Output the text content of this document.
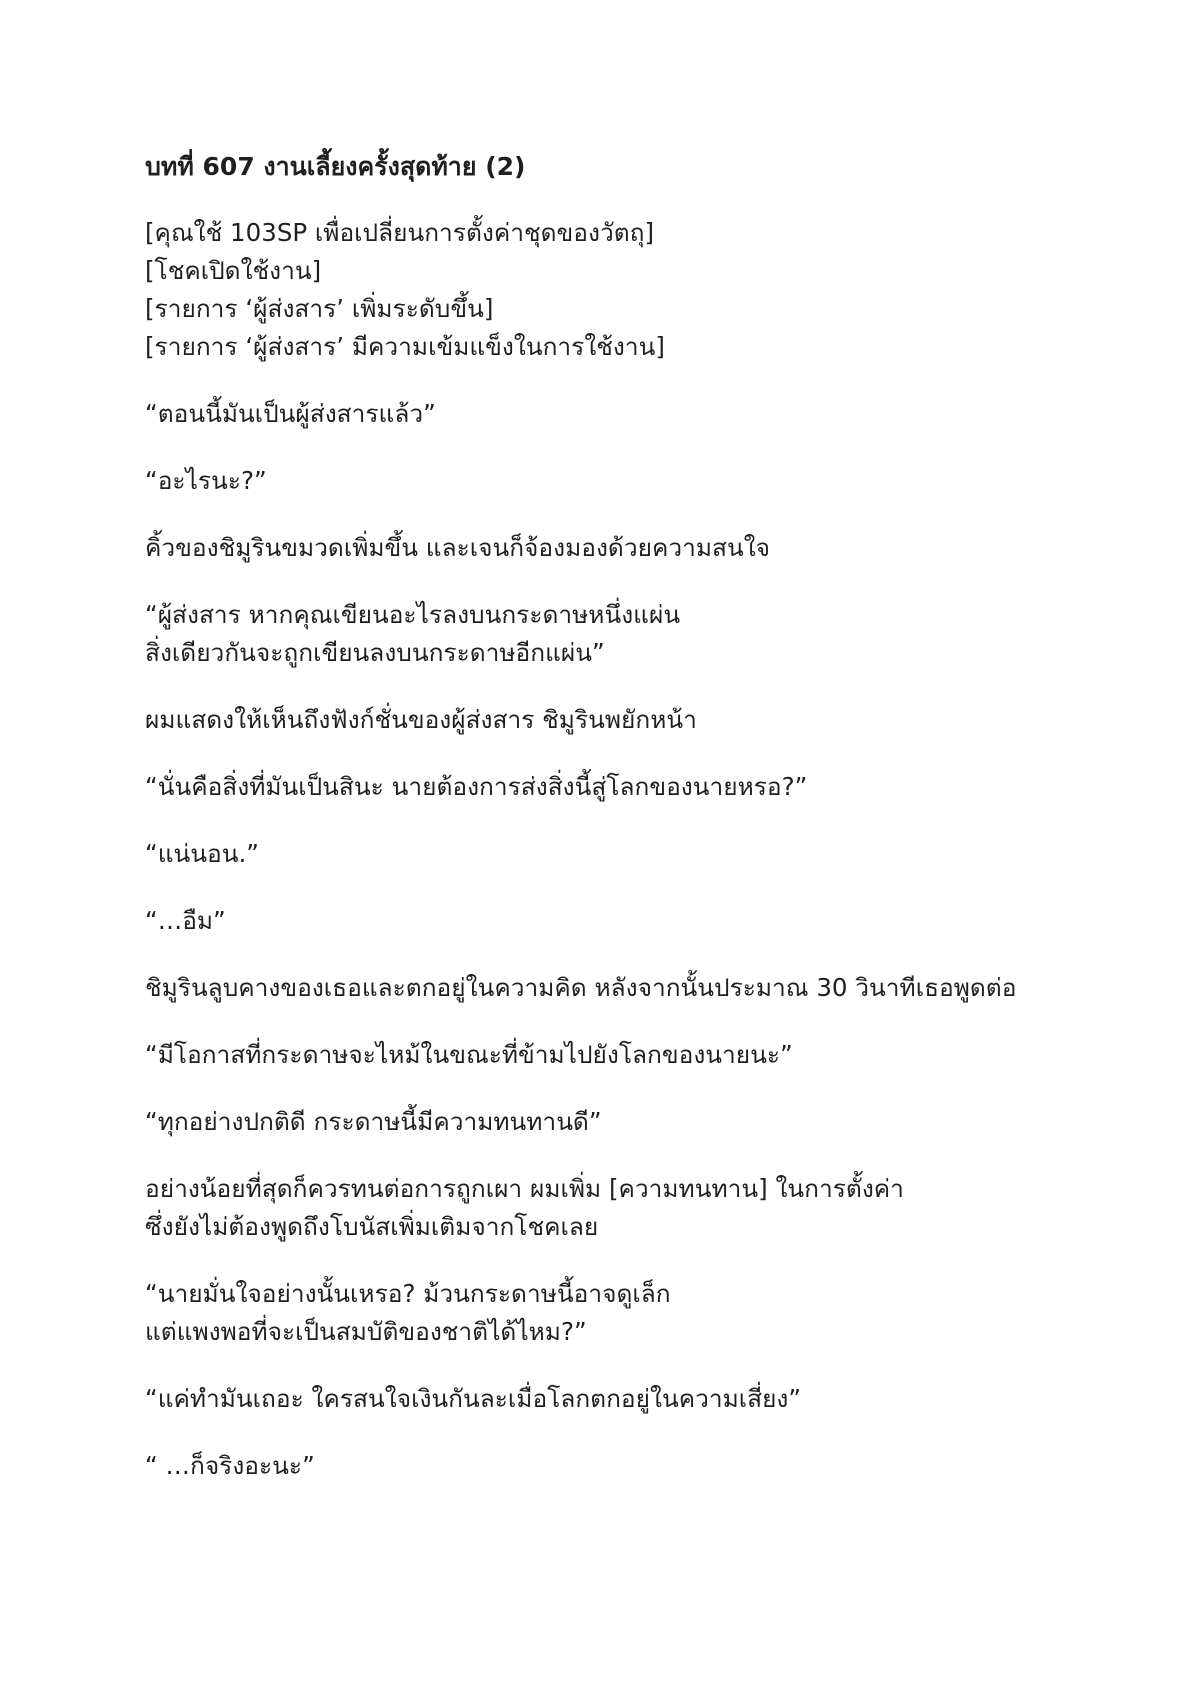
บทที่ 607 งานเลี้ยงครั้งสุดท้าย (2)
[คุณใช้ 103SP เพื่อเปลี่ยนการตั้งค่าชุดของวัตถุ]
[โชคเปิดใช้งาน]
[รายการ ‘ผู้ส่งสาร’ เพิ่มระดับขึ้น]
[รายการ ‘ผู้ส่งสาร’ มีความเข้มแข็งในการใช้งาน]
“ตอนนี้มันเป็นผู้ส่งสารแล้ว”
“อะไรนะ?”
คิ้วของชิมูรินขมวดเพิ่มขึ้น และเจนก็จ้องมองด้วยความสนใจ
“ผู้ส่งสาร หากคุณเขียนอะไรลงบนกระดาษหนึ่งแผ่น
สิ่งเดียวกันจะถูกเขียนลงบนกระดาษอีกแผ่น”
ผมแสดงให้เห็นถึงฟังก์ชั่นของผู้ส่งสาร ชิมูรินพยักหน้า
“นั่นคือสิ่งที่มันเป็นสินะ นายต้องการส่งสิ่งนี้สู่โลกของนายหรอ?”
“แน่นอน.”
“…อืม”
ชิมูรินลูบคางของเธอและตกอยู่ในความคิด หลังจากนั้นประมาณ 30 วินาทีเธอพูดต่อ
“มีโอกาสที่กระดาษจะไหม้ในขณะที่ข้ามไปยังโลกของนายนะ”
“ทุกอย่างปกติดี กระดาษนี้มีความทนทานดี”
อย่างน้อยที่สุดก็ควรทนต่อการถูกเผา ผมเพิ่ม [ความทนทาน] ในการตั้งค่า
ซึ่งยังไม่ต้องพูดถึงโบนัสเพิ่มเติมจากโชคเลย
“นายมั่นใจอย่างนั้นเหรอ? ม้วนกระดาษนี้อาจดูเล็ก
แต่แพงพอที่จะเป็นสมบัติของชาติได้ไหม?”
“แค่ทำมันเถอะ ใครสนใจเงินกันละเมื่อโลกตกอยู่ในความเสี่ยง”
“ …ก็จริงอะนะ”
